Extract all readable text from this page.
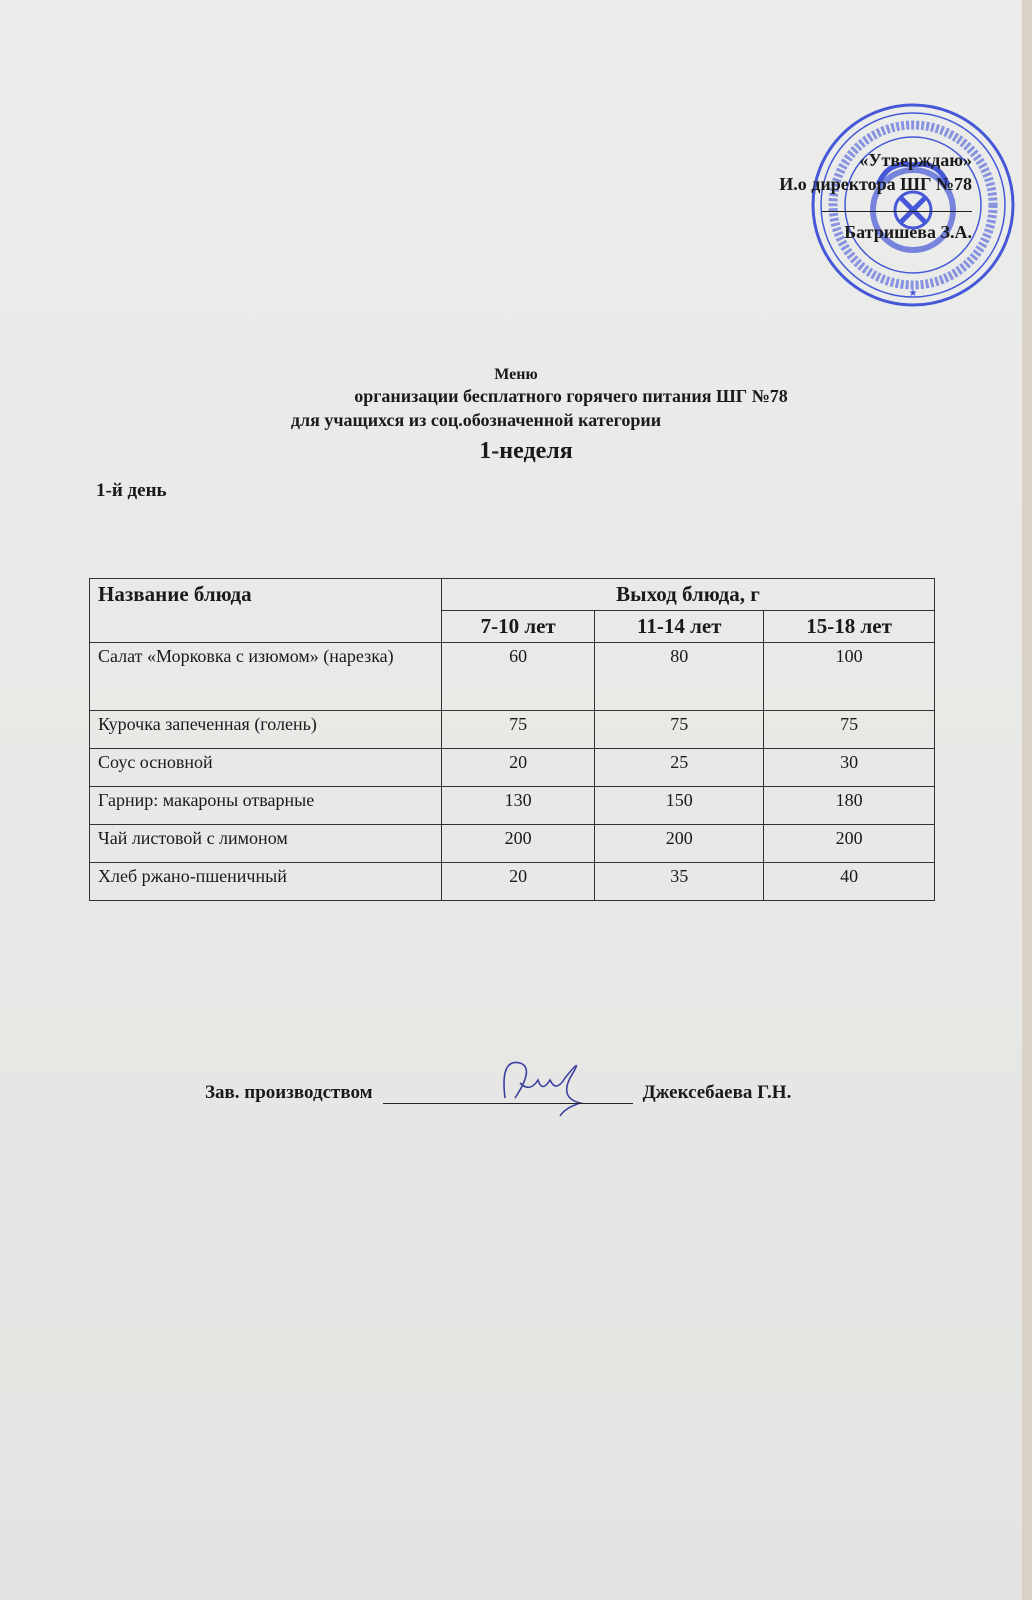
★
«Утверждаю»
И.о директора ШГ №78
Батришева З.А.
Меню
организации бесплатного горячего питания ШГ №78
для учащихся из соц.обозначенной категории
1-неделя
1-й день
Название блюда	Выход блюда, г		
	7-10 лет	11-14 лет	15-18 лет
Салат «Морковка с изюмом» (нарезка)	60	80	100
Курочка запеченная (голень)	75	75	75
Соус основной	20	25	30
Гарнир: макароны отварные	130	150	180
Чай листовой с лимоном	200	200	200
Хлеб ржано-пшеничный	20	35	40
Зав. производством	Джексебаева Г.Н.
